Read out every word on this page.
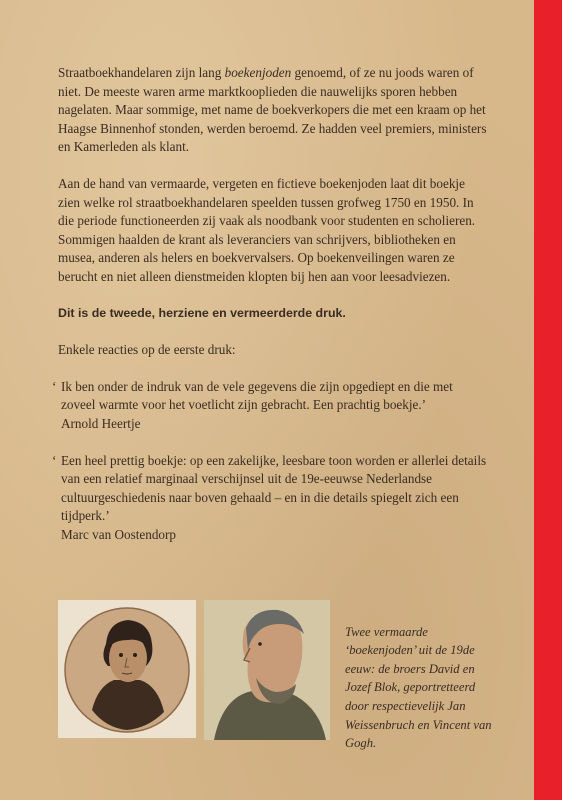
Straatboekhandelaren zijn lang boekenjoden genoemd, of ze nu joods waren of niet. De meeste waren arme marktkooplieden die nauwelijks sporen hebben nagelaten. Maar sommige, met name de boekverkopers die met een kraam op het Haagse Binnenhof stonden, werden beroemd. Ze hadden veel premiers, ministers en Kamerleden als klant.

Aan de hand van vermaarde, vergeten en fictieve boekenjoden laat dit boekje zien welke rol straatboekhandelaren speelden tussen grofweg 1750 en 1950. In die periode functioneerden zij vaak als noodbank voor studenten en scholieren. Sommigen haalden de krant als leveranciers van schrijvers, bibliotheken en musea, anderen als helers en boekvervalsers. Op boekenveilingen waren ze berucht en niet alleen dienstmeiden klopten bij hen aan voor leesadviezen.

Dit is de tweede, herziene en vermeerderde druk.

Enkele reacties op de eerste druk:

‘ Ik ben onder de indruk van de vele gegevens die zijn opgediept en die met zoveel warmte voor het voetlicht zijn gebracht. Een prachtig boekje.’
Arnold Heertje

‘ Een heel prettig boekje: op een zakelijke, leesbare toon worden er allerlei details van een relatief marginaal verschijnsel uit de 19e-eeuwse Nederlandse cultuurgeschiedenis naar boven gehaald – en in die details spiegelt zich een tijdperk.’
Marc van Oostendorp

Twee vermaarde ‘boekenjoden’ uit de 19de eeuw: de broers David en Jozef Blok, geportretteerd door respectievelijk Jan Weissenbruch en Vincent van Gogh.
